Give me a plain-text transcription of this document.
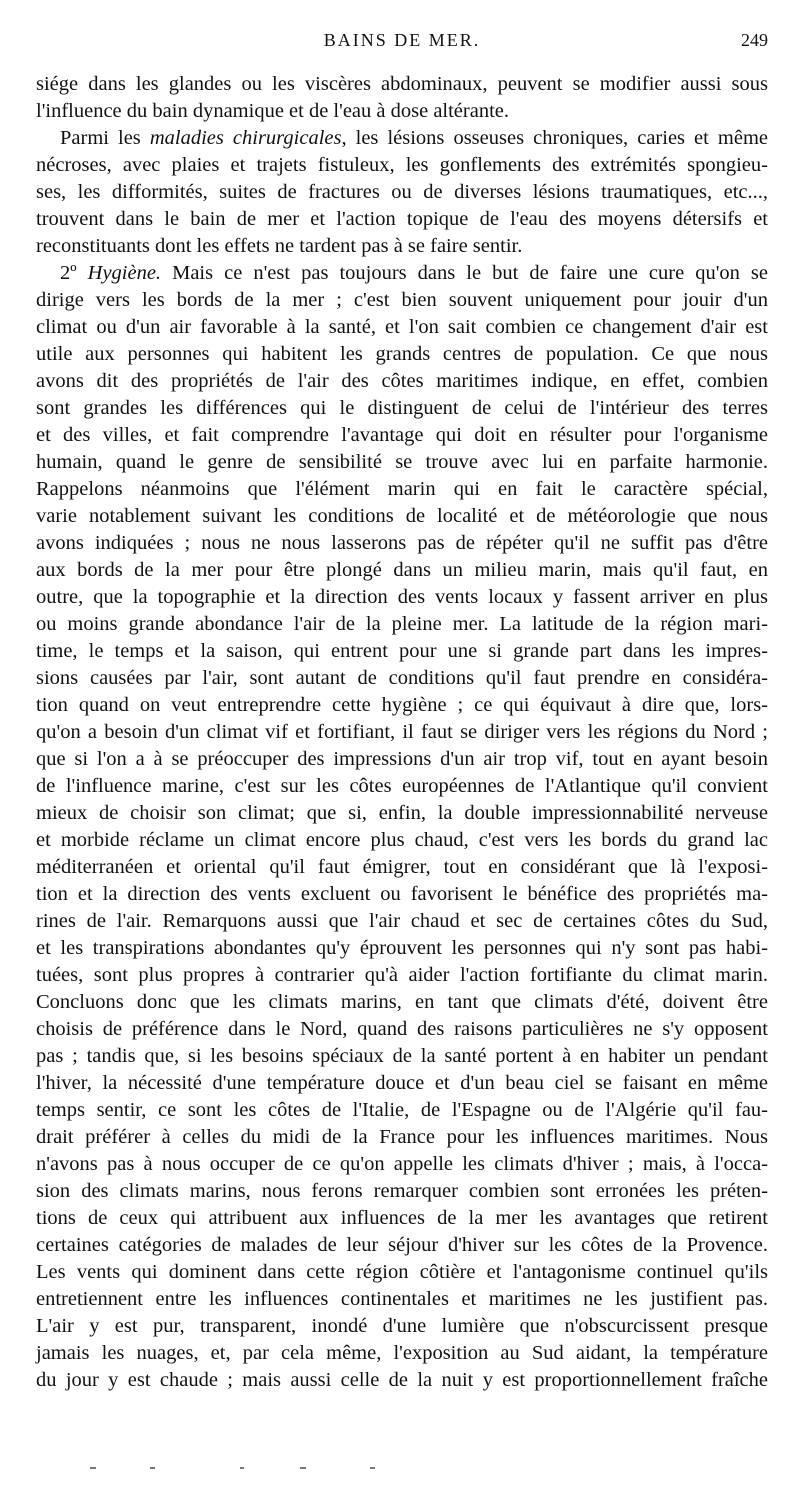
BAINS DE MER.	249
siége dans les glandes ou les viscères abdominaux, peuvent se modifier aussi sous
l'influence du bain dynamique et de l'eau à dose altérante.
Parmi les maladies chirurgicales, les lésions osseuses chroniques, caries et même
nécroses, avec plaies et trajets fistuleux, les gonflements des extrémités spongieu-
ses, les difformités, suites de fractures ou de diverses lésions traumatiques, etc...,
trouvent dans le bain de mer et l'action topique de l'eau des moyens détersifs et
reconstituants dont les effets ne tardent pas à se faire sentir.
2º Hygiène. Mais ce n'est pas toujours dans le but de faire une cure qu'on se
dirige vers les bords de la mer ; c'est bien souvent uniquement pour jouir d'un
climat ou d'un air favorable à la santé, et l'on sait combien ce changement d'air est
utile aux personnes qui habitent les grands centres de population. Ce que nous
avons dit des propriétés de l'air des côtes maritimes indique, en effet, combien
sont grandes les différences qui le distinguent de celui de l'intérieur des terres
et des villes, et fait comprendre l'avantage qui doit en résulter pour l'organisme
humain, quand le genre de sensibilité se trouve avec lui en parfaite harmonie.
Rappelons néanmoins que l'élément marin qui en fait le caractère spécial,
varie notablement suivant les conditions de localité et de météorologie que nous
avons indiquées ; nous ne nous lasserons pas de répéter qu'il ne suffit pas d'être
aux bords de la mer pour être plongé dans un milieu marin, mais qu'il faut, en
outre, que la topographie et la direction des vents locaux y fassent arriver en plus
ou moins grande abondance l'air de la pleine mer. La latitude de la région mari-
time, le temps et la saison, qui entrent pour une si grande part dans les impres-
sions causées par l'air, sont autant de conditions qu'il faut prendre en considéra-
tion quand on veut entreprendre cette hygiène ; ce qui équivaut à dire que, lors-
qu'on a besoin d'un climat vif et fortifiant, il faut se diriger vers les régions du Nord ;
que si l'on a à se préoccuper des impressions d'un air trop vif, tout en ayant besoin
de l'influence marine, c'est sur les côtes européennes de l'Atlantique qu'il convient
mieux de choisir son climat; que si, enfin, la double impressionnabilité nerveuse
et morbide réclame un climat encore plus chaud, c'est vers les bords du grand lac
méditerranéen et oriental qu'il faut émigrer, tout en considérant que là l'exposi-
tion et la direction des vents excluent ou favorisent le bénéfice des propriétés ma-
rines de l'air. Remarquons aussi que l'air chaud et sec de certaines côtes du Sud,
et les transpirations abondantes qu'y éprouvent les personnes qui n'y sont pas habi-
tuées, sont plus propres à contrarier qu'à aider l'action fortifiante du climat marin.
Concluons donc que les climats marins, en tant que climats d'été, doivent être
choisis de préférence dans le Nord, quand des raisons particulières ne s'y opposent
pas ; tandis que, si les besoins spéciaux de la santé portent à en habiter un pendant
l'hiver, la nécessité d'une température douce et d'un beau ciel se faisant en même
temps sentir, ce sont les côtes de l'Italie, de l'Espagne ou de l'Algérie qu'il fau-
drait préférer à celles du midi de la France pour les influences maritimes. Nous
n'avons pas à nous occuper de ce qu'on appelle les climats d'hiver ; mais, à l'occa-
sion des climats marins, nous ferons remarquer combien sont erronées les préten-
tions de ceux qui attribuent aux influences de la mer les avantages que retirent
certaines catégories de malades de leur séjour d'hiver sur les côtes de la Provence.
Les vents qui dominent dans cette région côtière et l'antagonisme continuel qu'ils
entretiennent entre les influences continentales et maritimes ne les justifient pas.
L'air y est pur, transparent, inondé d'une lumière que n'obscurcissent presque
jamais les nuages, et, par cela même, l'exposition au Sud aidant, la température
du jour y est chaude ; mais aussi celle de la nuit y est proportionnellement fraîche
